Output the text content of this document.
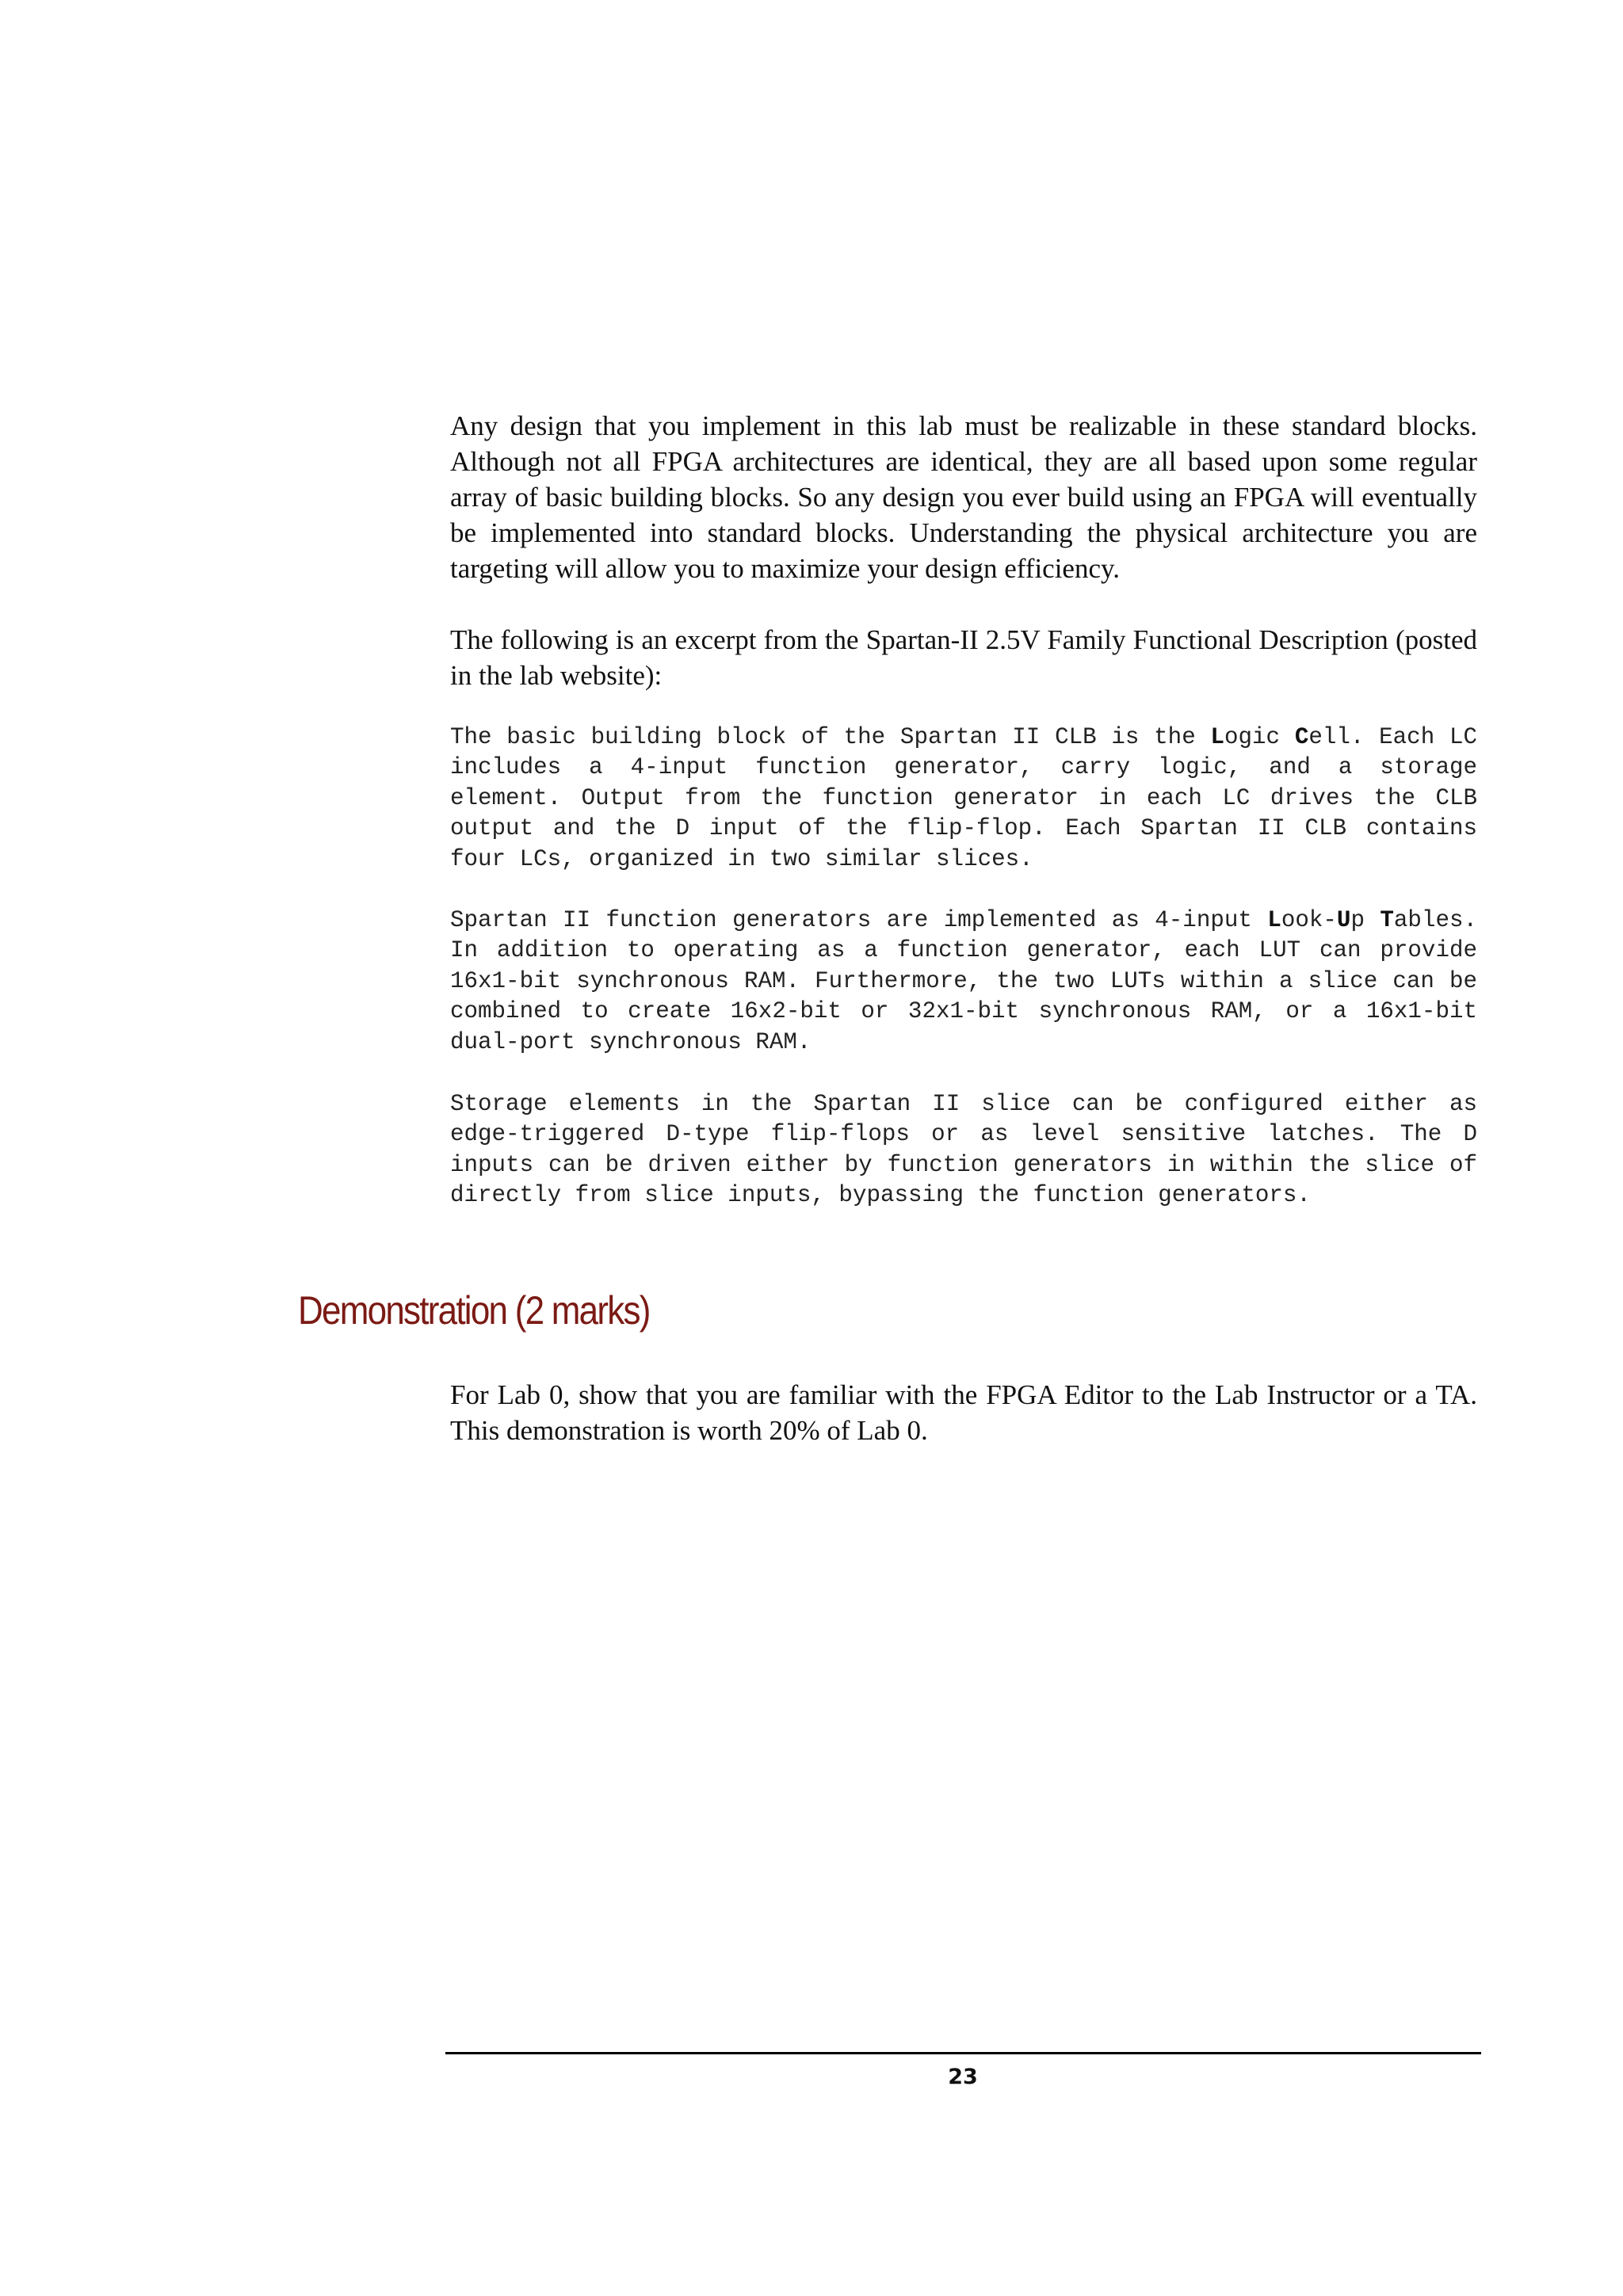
Any design that you implement in this lab must be realizable in these standard blocks. Although not all FPGA architectures are identical, they are all based upon some regular array of basic building blocks. So any design you ever build using an FPGA will eventually be implemented into standard blocks. Understanding the physical architecture you are targeting will allow you to maximize your design efficiency.

The following is an excerpt from the Spartan-II 2.5V Family Functional Description (posted in the lab website):

The basic building block of the Spartan II CLB is the Logic Cell. Each LC includes a 4-input function generator, carry logic, and a storage element. Output from the function generator in each LC drives the CLB output and the D input of the flip-flop. Each Spartan II CLB contains four LCs, organized in two similar slices.

Spartan II function generators are implemented as 4-input Look-Up Tables. In addition to operating as a function generator, each LUT can provide 16x1-bit synchronous RAM. Furthermore, the two LUTs within a slice can be combined to create 16x2-bit or 32x1-bit synchronous RAM, or a 16x1-bit dual-port synchronous RAM.

Storage elements in the Spartan II slice can be configured either as edge-triggered D-type flip-flops or as level sensitive latches. The D inputs can be driven either by function generators in within the slice of directly from slice inputs, bypassing the function generators.

Demonstration (2 marks)

For Lab 0, show that you are familiar with the FPGA Editor to the Lab Instructor or a TA. This demonstration is worth 20% of Lab 0.

23
